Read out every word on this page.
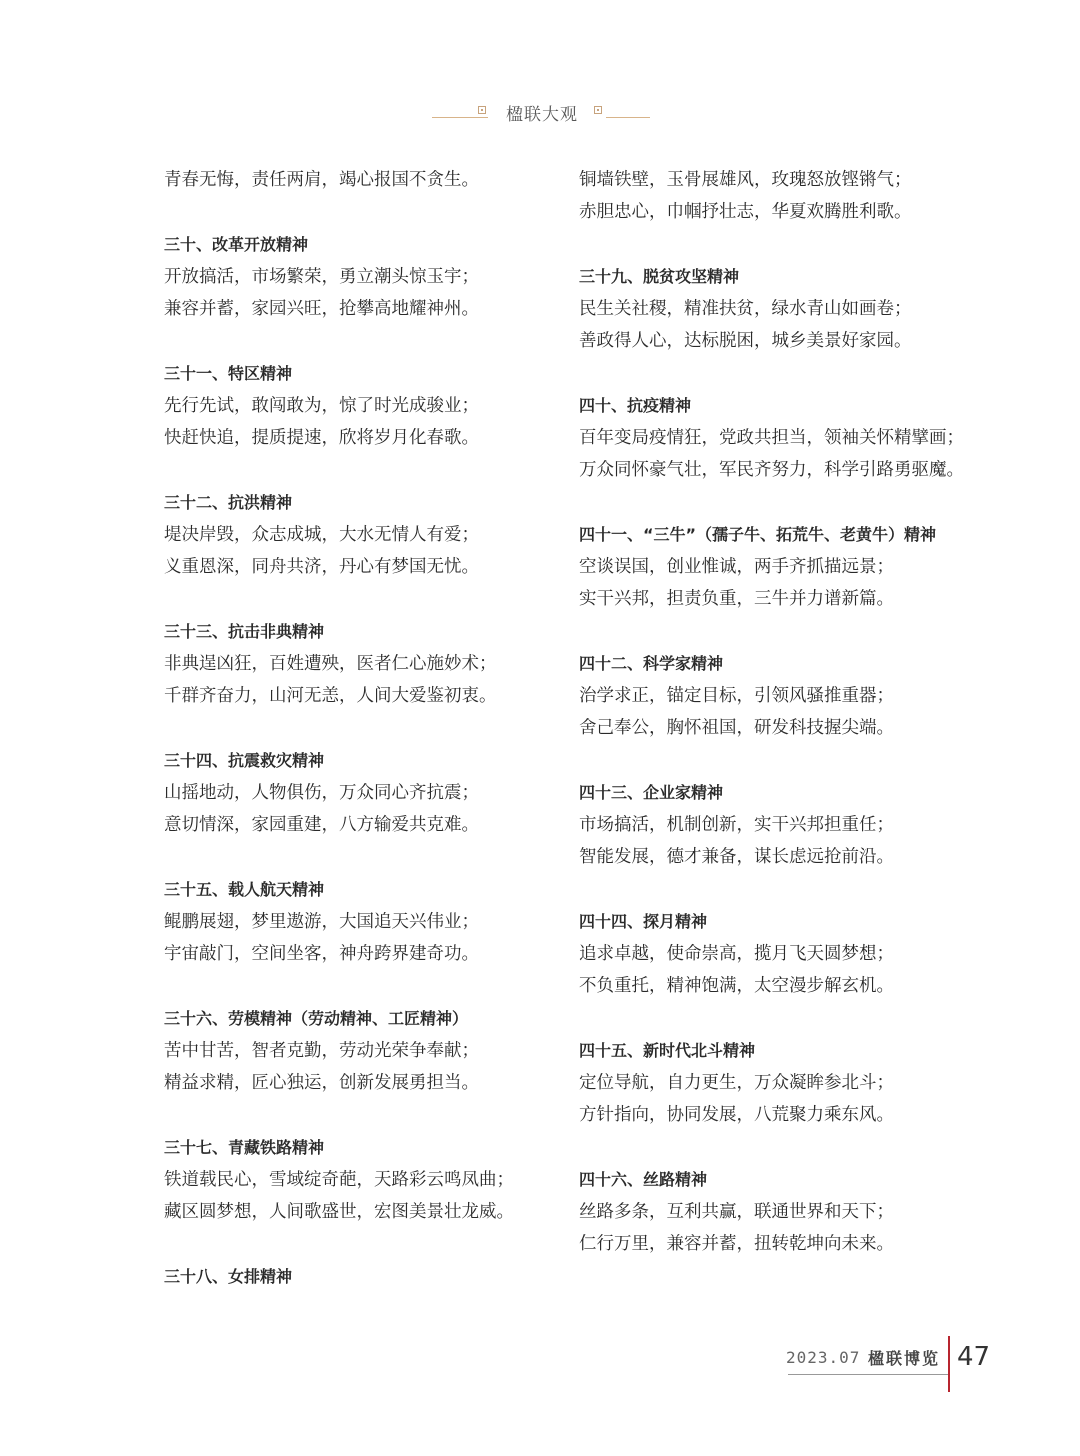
楹联大观
青春无悔，责任两肩，竭心报国不贪生。
三十、改革开放精神
开放搞活，市场繁荣，勇立潮头惊玉宇；
兼容并蓄，家园兴旺，抢攀高地耀神州。
三十一、特区精神
先行先试，敢闯敢为，惊了时光成骏业；
快赶快追，提质提速，欣将岁月化春歌。
三十二、抗洪精神
堤决岸毁，众志成城，大水无情人有爱；
义重恩深，同舟共济，丹心有梦国无忧。
三十三、抗击非典精神
非典逞凶狂，百姓遭殃，医者仁心施妙术；
千群齐奋力，山河无恙，人间大爱鉴初衷。
三十四、抗震救灾精神
山摇地动，人物俱伤，万众同心齐抗震；
意切情深，家园重建，八方输爱共克难。
三十五、载人航天精神
鲲鹏展翅，梦里遨游，大国追天兴伟业；
宇宙敲门，空间坐客，神舟跨界建奇功。
三十六、劳模精神（劳动精神、工匠精神）
苦中甘苦，智者克勤，劳动光荣争奉献；
精益求精，匠心独运，创新发展勇担当。
三十七、青藏铁路精神
铁道载民心，雪域绽奇葩，天路彩云鸣凤曲；
藏区圆梦想，人间歌盛世，宏图美景壮龙威。
三十八、女排精神
铜墙铁壁，玉骨展雄风，玫瑰怒放铿锵气；
赤胆忠心，巾帼抒壮志，华夏欢腾胜利歌。
三十九、脱贫攻坚精神
民生关社稷，精准扶贫，绿水青山如画卷；
善政得人心，达标脱困，城乡美景好家园。
四十、抗疫精神
百年变局疫情狂，党政共担当，领袖关怀精擘画；
万众同怀豪气壮，军民齐努力，科学引路勇驱魔。
四十一、“三牛”（孺子牛、拓荒牛、老黄牛）精神
空谈误国，创业惟诚，两手齐抓描远景；
实干兴邦，担责负重，三牛并力谱新篇。
四十二、科学家精神
治学求正，锚定目标，引领风骚推重器；
舍己奉公，胸怀祖国，研发科技握尖端。
四十三、企业家精神
市场搞活，机制创新，实干兴邦担重任；
智能发展，德才兼备，谋长虑远抢前沿。
四十四、探月精神
追求卓越，使命崇高，揽月飞天圆梦想；
不负重托，精神饱满，太空漫步解玄机。
四十五、新时代北斗精神
定位导航，自力更生，万众凝眸参北斗；
方针指向，协同发展，八荒聚力乘东风。
四十六、丝路精神
丝路多条，互利共赢，联通世界和天下；
仁行万里，兼容并蓄，扭转乾坤向未来。
2023.07 楹联博览 47
